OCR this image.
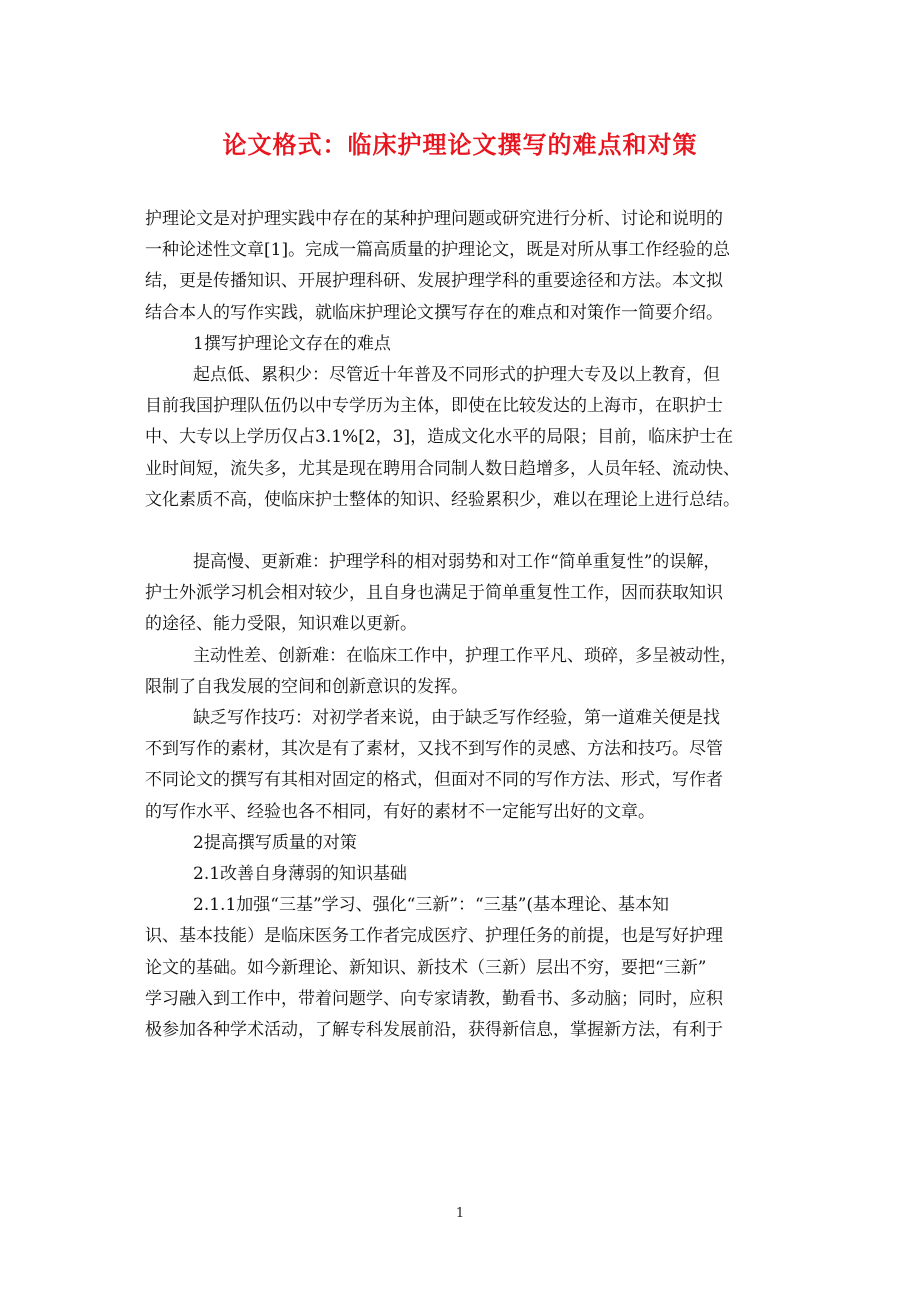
论文格式：临床护理论文撰写的难点和对策
护理论文是对护理实践中存在的某种护理问题或研究进行分析、讨论和说明的
一种论述性文章[1]。完成一篇高质量的护理论文，既是对所从事工作经验的总
结，更是传播知识、开展护理科研、发展护理学科的重要途径和方法。本文拟
结合本人的写作实践，就临床护理论文撰写存在的难点和对策作一简要介绍。
1撰写护理论文存在的难点
起点低、累积少：尽管近十年普及不同形式的护理大专及以上教育，但
目前我国护理队伍仍以中专学历为主体，即使在比较发达的上海市，在职护士
中、大专以上学历仅占3.1%[2，3]，造成文化水平的局限；目前，临床护士在
业时间短，流失多，尤其是现在聘用合同制人数日趋增多，人员年轻、流动快、
文化素质不高，使临床护士整体的知识、经验累积少，难以在理论上进行总结。
提高慢、更新难：护理学科的相对弱势和对工作“简单重复性”的误解，
护士外派学习机会相对较少，且自身也满足于简单重复性工作，因而获取知识
的途径、能力受限，知识难以更新。
主动性差、创新难：在临床工作中，护理工作平凡、琐碎，多呈被动性，
限制了自我发展的空间和创新意识的发挥。
缺乏写作技巧：对初学者来说，由于缺乏写作经验，第一道难关便是找
不到写作的素材，其次是有了素材，又找不到写作的灵感、方法和技巧。尽管
不同论文的撰写有其相对固定的格式，但面对不同的写作方法、形式，写作者
的写作水平、经验也各不相同，有好的素材不一定能写出好的文章。
2提高撰写质量的对策
2.1改善自身薄弱的知识基础
2.1.1加强“三基”学习、强化“三新”：“三基”(基本理论、基本知
识、基本技能）是临床医务工作者完成医疗、护理任务的前提，也是写好护理
论文的基础。如今新理论、新知识、新技术（三新）层出不穷，要把“三新”
学习融入到工作中，带着问题学、向专家请教，勤看书、多动脑；同时，应积
极参加各种学术活动，了解专科发展前沿，获得新信息，掌握新方法，有利于
1
